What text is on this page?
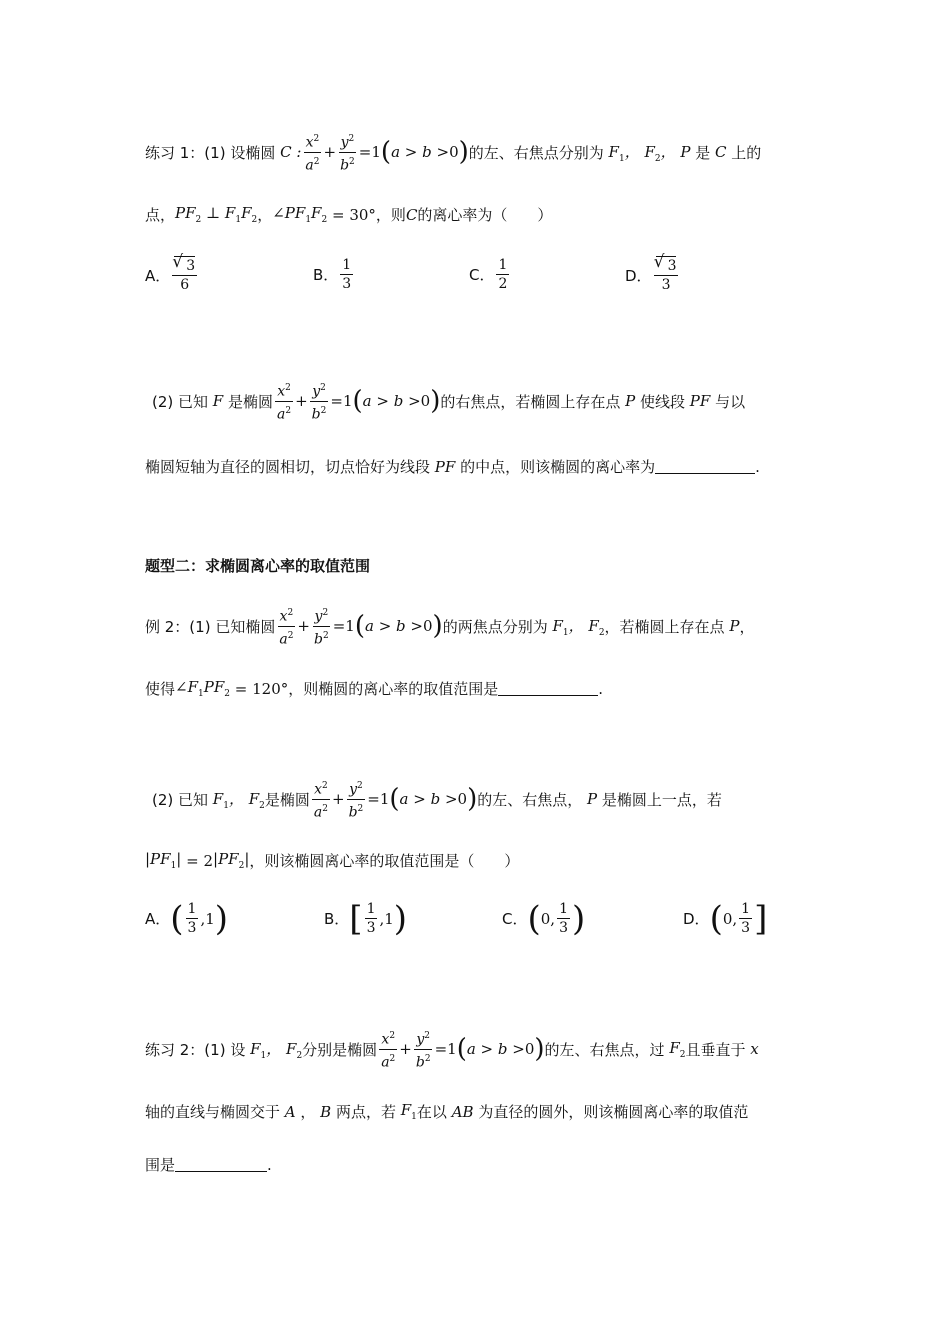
练习 1：(1) 设椭圆 C : $\frac{x^2}{a^2} + \frac{y^2}{b^2} =1$ ( a > b > 0 ) 的左、右焦点分别为 $F_1$， $F_2$， P 是 C 上的
点， $PF_2$ ⊥ $F_1F_2$ ， $\angle PF_1F_2 = 30^\circ$ ，则 C 的离心率为（　　）
A． √ $\frac{3}{6}$	B． $\frac{1}{3}$	C． $\frac{1}{2}$	D． √ $\frac{3}{3}$
(2) 已知 F 是椭圆 $\frac{x^2}{a^2} + \frac{y^2}{b^2} =1$ ( a > b > 0 ) 的右焦点，若椭圆上存在点 P 使线段 PF 与以
椭圆短轴为直径的圆相切，切点恰好为线段 PF 的中点，则该椭圆的离心率为	.
题型二：求椭圆离心率的取值范围
例 2：(1) 已知椭圆 $\frac{x^2}{a^2} + \frac{y^2}{b^2} =1$ ( a > b > 0 ) 的两焦点分别为 $F_1$， $F_2$ ，若椭圆上存在点 P ，
使得 $\angle F_1PF_2 = 120^\circ$ ，则椭圆的离心率的取值范围是	.
(2) 已知 $F_1$， $F_2$ 是椭圆 $\frac{x^2}{a^2} + \frac{y^2}{b^2} =1$ ( a > b > 0 ) 的左、右焦点， P 是椭圆上一点，若
$|PF_1| = 2$ $|PF_2|$ ，则该椭圆离心率的取值范围是（　　）
A． ( $\frac{1}{3} ,1$ )	B． [ $\frac{1}{3} ,1$ )	C． ( 0, $\frac{1}{3}$ )	D． ( 0, $\frac{1}{3}$ ]
练习 2：(1) 设 $F_1$， $F_2$ 分别是椭圆 $\frac{x^2}{a^2} + \frac{y^2}{b^2} =1$ ( a > b > 0 ) 的左、右焦点，过 $F_2$ 且垂直于 x
轴的直线与椭圆交于 A ， B 两点，若 $F_1$ 在以 AB 为直径的圆外，则该椭圆离心率的取值范
围是	.
